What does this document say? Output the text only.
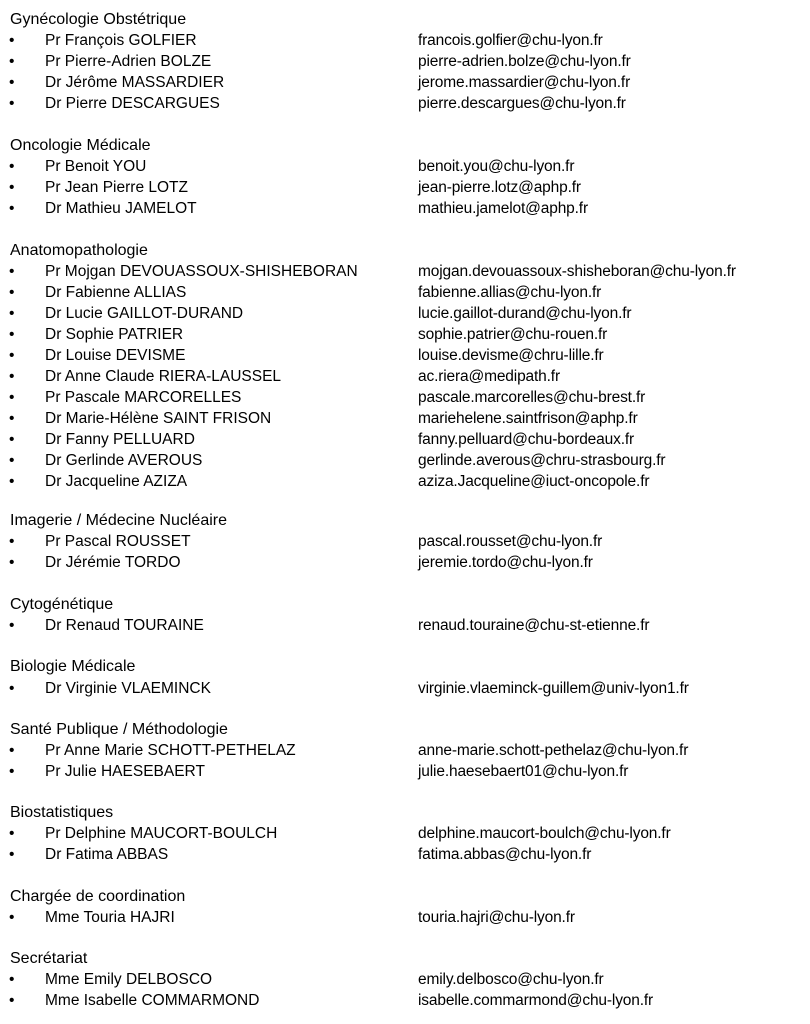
Gynécologie Obstétrique
• Pr François GOLFIER	francois.golfier@chu-lyon.fr
• Pr Pierre-Adrien BOLZE	pierre-adrien.bolze@chu-lyon.fr
• Dr Jérôme MASSARDIER	jerome.massardier@chu-lyon.fr
• Dr Pierre DESCARGUES	pierre.descargues@chu-lyon.fr
Oncologie Médicale
• Pr Benoit YOU	benoit.you@chu-lyon.fr
• Pr Jean Pierre LOTZ	jean-pierre.lotz@aphp.fr
• Dr Mathieu JAMELOT	mathieu.jamelot@aphp.fr
Anatomopathologie
• Pr Mojgan DEVOUASSOUX-SHISHEBORAN	mojgan.devouassoux-shisheboran@chu-lyon.fr
• Dr Fabienne ALLIAS	fabienne.allias@chu-lyon.fr
• Dr Lucie GAILLOT-DURAND	lucie.gaillot-durand@chu-lyon.fr
• Dr Sophie PATRIER	sophie.patrier@chu-rouen.fr
• Dr Louise DEVISME	louise.devisme@chru-lille.fr
• Dr Anne Claude RIERA-LAUSSEL	ac.riera@medipath.fr
• Pr Pascale MARCORELLES	pascale.marcorelles@chu-brest.fr
• Dr Marie-Hélène SAINT FRISON	mariehelene.saintfrison@aphp.fr
• Dr Fanny PELLUARD	fanny.pelluard@chu-bordeaux.fr
• Dr Gerlinde AVEROUS	gerlinde.averous@chru-strasbourg.fr
• Dr Jacqueline AZIZA	aziza.Jacqueline@iuct-oncopole.fr
Imagerie / Médecine Nucléaire
• Pr Pascal ROUSSET	pascal.rousset@chu-lyon.fr
• Dr Jérémie TORDO	jeremie.tordo@chu-lyon.fr
Cytogénétique
• Dr Renaud TOURAINE	renaud.touraine@chu-st-etienne.fr
Biologie Médicale
• Dr Virginie VLAEMINCK	virginie.vlaeminck-guillem@univ-lyon1.fr
Santé Publique / Méthodologie
• Pr Anne Marie SCHOTT-PETHELAZ	anne-marie.schott-pethelaz@chu-lyon.fr
• Pr Julie HAESEBAERT	julie.haesebaert01@chu-lyon.fr
Biostatistiques
• Pr Delphine MAUCORT-BOULCH	delphine.maucort-boulch@chu-lyon.fr
• Dr Fatima ABBAS	fatima.abbas@chu-lyon.fr
Chargée de coordination
• Mme Touria HAJRI	touria.hajri@chu-lyon.fr
Secrétariat
• Mme Emily DELBOSCO	emily.delbosco@chu-lyon.fr
• Mme Isabelle COMMARMOND	isabelle.commarmond@chu-lyon.fr
